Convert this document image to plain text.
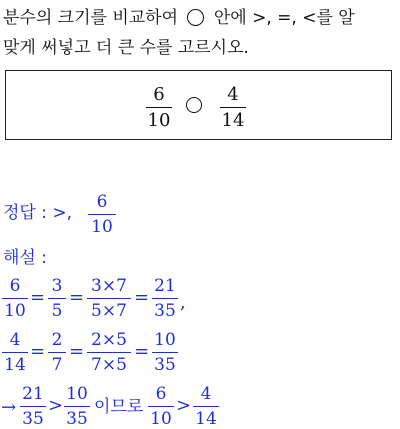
분수의 크기를 비교하여 안에 >, =, <를 알
맞게 써넣고 더 큰 수를 고르시오.
6
10
4
14
정답 : >,
6
10
해설 :
6
10
=
3
5
=
3×7
5×7
=
21
35 ,
4
14
=
2
7
=
2×5
7×5
=
10
35
→
21
35
>
10
35
이므로
6
10
>
4
14
